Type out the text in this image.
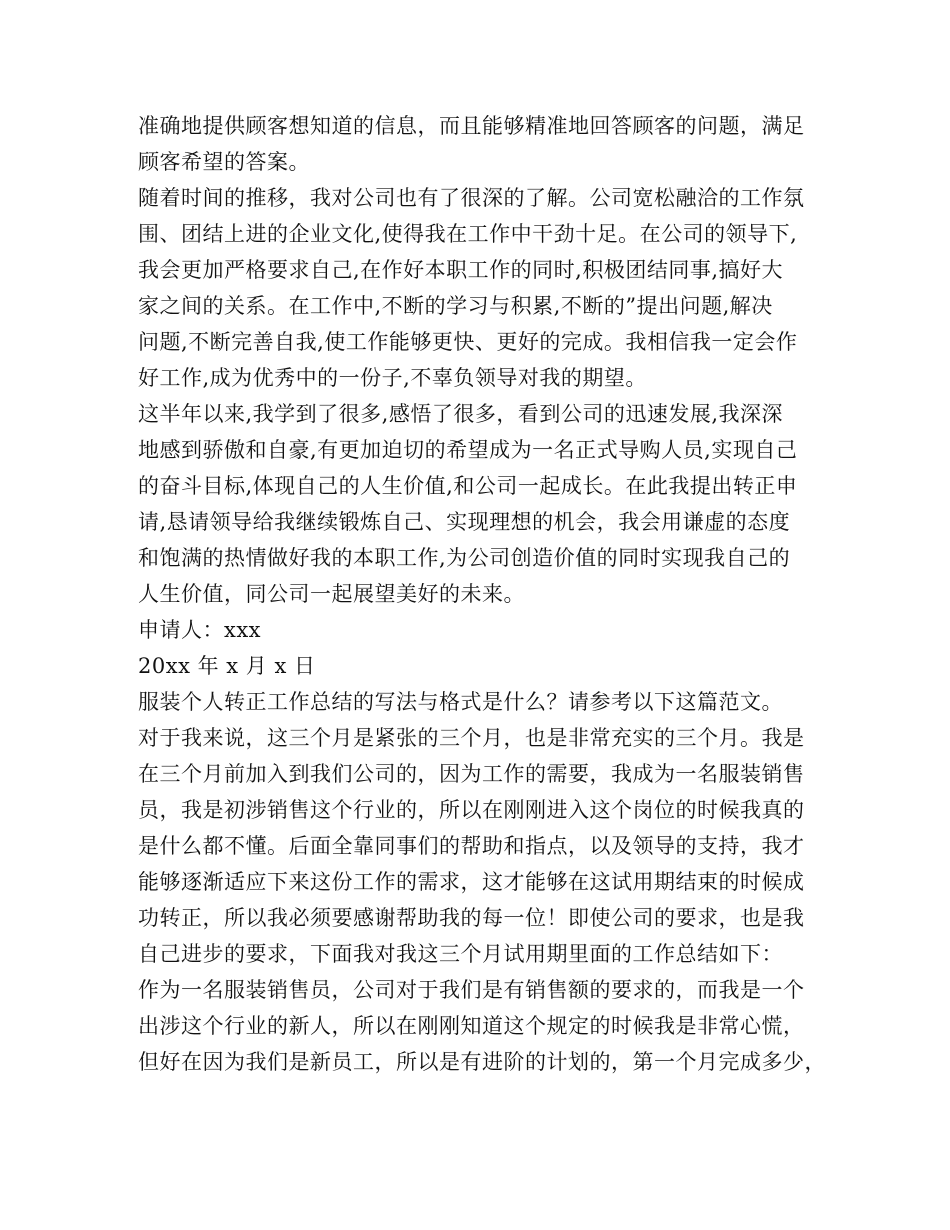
准确地提供顾客想知道的信息，而且能够精准地回答顾客的问题，满足
顾客希望的答案。
随着时间的推移，我对公司也有了很深的了解。公司宽松融洽的工作氛
围、团结上进的企业文化,使得我在工作中干劲十足。在公司的领导下,
我会更加严格要求自己,在作好本职工作的同时,积极团结同事,搞好大
家之间的关系。在工作中,不断的学习与积累,不断的”提出问题,解决
问题,不断完善自我,使工作能够更快、更好的完成。我相信我一定会作
好工作,成为优秀中的一份子,不辜负领导对我的期望。
这半年以来,我学到了很多,感悟了很多，看到公司的迅速发展,我深深
地感到骄傲和自豪,有更加迫切的希望成为一名正式导购人员,实现自己
的奋斗目标,体现自己的人生价值,和公司一起成长。在此我提出转正申
请,恳请领导给我继续锻炼自己、实现理想的机会，我会用谦虚的态度
和饱满的热情做好我的本职工作,为公司创造价值的同时实现我自己的
人生价值，同公司一起展望美好的未来。
申请人：xxx
20xx 年 x 月 x 日
服装个人转正工作总结的写法与格式是什么？请参考以下这篇范文。
对于我来说，这三个月是紧张的三个月，也是非常充实的三个月。我是
在三个月前加入到我们公司的，因为工作的需要，我成为一名服装销售
员，我是初涉销售这个行业的，所以在刚刚进入这个岗位的时候我真的
是什么都不懂。后面全靠同事们的帮助和指点，以及领导的支持，我才
能够逐渐适应下来这份工作的需求，这才能够在这试用期结束的时候成
功转正，所以我必须要感谢帮助我的每一位！即使公司的要求，也是我
自己进步的要求，下面我对我这三个月试用期里面的工作总结如下：
作为一名服装销售员，公司对于我们是有销售额的要求的，而我是一个
出涉这个行业的新人，所以在刚刚知道这个规定的时候我是非常心慌，
但好在因为我们是新员工，所以是有进阶的计划的，第一个月完成多少，
